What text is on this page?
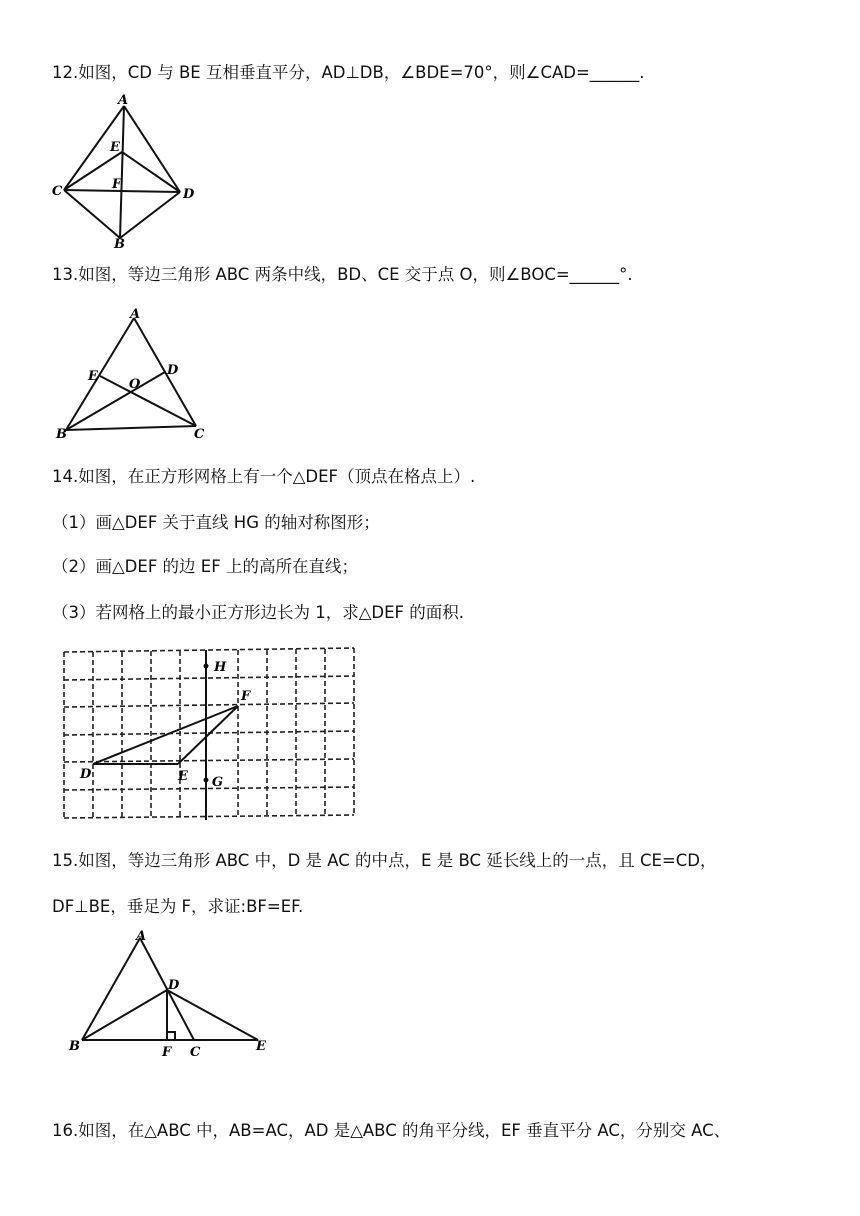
12.如图，CD 与 BE 互相垂直平分，AD⊥DB，∠BDE=70°，则∠CAD=______.
A
E
F
C	D
B
13.如图，等边三角形 ABC 两条中线，BD、CE 交于点 O，则∠BOC=______°.
A
E	D
O
B	C
14.如图，在正方形网格上有一个△DEF（顶点在格点上）.
（1）画△DEF 关于直线 HG 的轴对称图形；
（2）画△DEF 的边 EF 上的高所在直线；
（3）若网格上的最小正方形边长为 1，求△DEF 的面积.
H
F
D	E G
15.如图，等边三角形 ABC 中，D 是 AC 的中点，E 是 BC 延长线上的一点，且 CE=CD，
DF⊥BE，垂足为 F，求证:BF=EF.
A
D
B	F C	E
16.如图，在△ABC 中，AB=AC，AD 是△ABC 的角平分线，EF 垂直平分 AC，分别交 AC、
